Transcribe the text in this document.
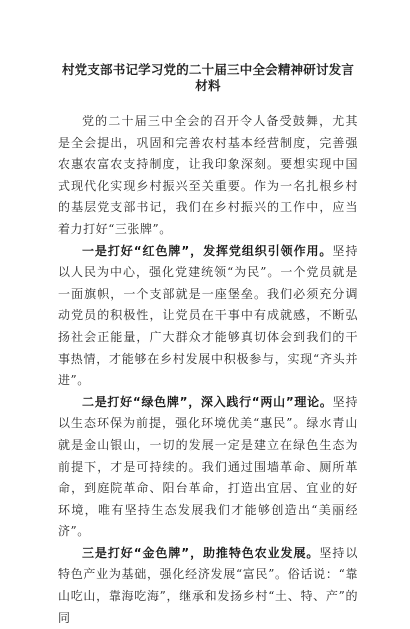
村党支部书记学习党的二十届三中全会精神研讨发言材料

党的二十届三中全会的召开令人备受鼓舞，尤其是全会提出，巩固和完善农村基本经营制度，完善强农惠农富农支持制度，让我印象深刻。要想实现中国式现代化实现乡村振兴至关重要。作为一名扎根乡村的基层党支部书记，我们在乡村振兴的工作中，应当着力打好“三张牌”。

一是打好“红色牌”，发挥党组织引领作用。坚持以人民为中心，强化党建统领“为民”。一个党员就是一面旗帜，一个支部就是一座堡垒。我们必须充分调动党员的积极性，让党员在干事中有成就感，不断弘扬社会正能量，广大群众才能够真切体会到我们的干事热情，才能够在乡村发展中积极参与，实现“齐头并进”。

二是打好“绿色牌”，深入践行“两山”理论。坚持以生态环保为前提，强化环境优美“惠民”。绿水青山就是金山银山，一切的发展一定是建立在绿色生态为前提下，才是可持续的。我们通过围墙革命、厕所革命，到庭院革命、阳台革命，打造出宜居、宜业的好环境，唯有坚持生态发展我们才能够创造出“美丽经济”。

三是打好“金色牌”，助推特色农业发展。坚持以特色产业为基础，强化经济发展“富民”。俗话说：“靠山吃山，靠海吃海”，继承和发扬乡村“土、特、产”的同
